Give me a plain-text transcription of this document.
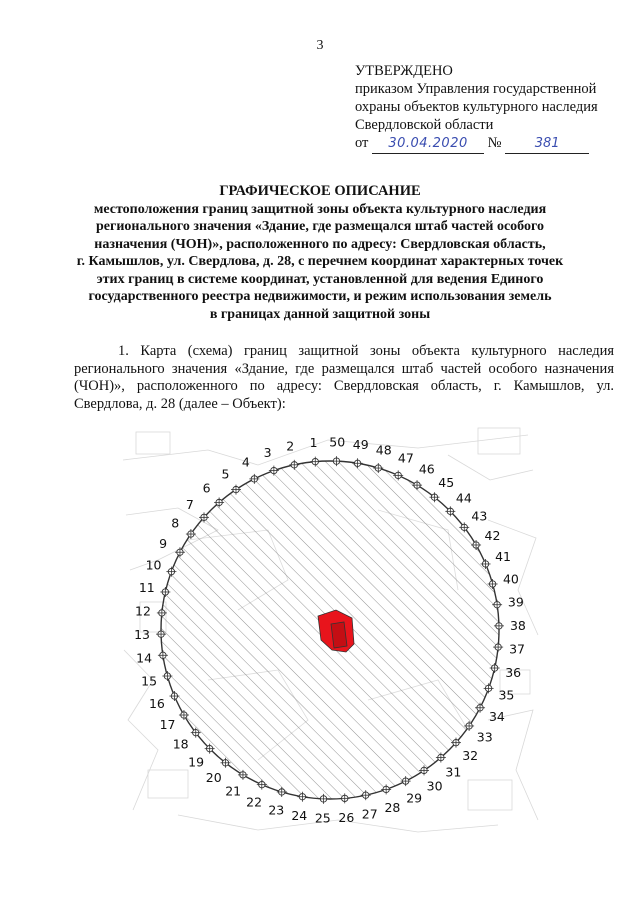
3
УТВЕРЖДЕНО
приказом Управления государственной
охраны объектов культурного наследия
Свердловской области
от 30.04.2020 №	381
ГРАФИЧЕСКОЕ ОПИСАНИЕ
местоположения границ защитной зоны объекта культурного наследия
регионального значения «Здание, где размещался штаб частей особого
назначения (ЧОН)», расположенного по адресу: Свердловская область,
г. Камышлов, ул. Свердлова, д. 28, с перечнем координат характерных точек
этих границ в системе координат, установленной для ведения Единого
государственного реестра недвижимости, и режим использования земель
в границах данной защитной зоны
1. Карта (схема) границ защитной зоны объекта культурного наследия регионального значения «Здание, где размещался штаб частей особого назначения (ЧОН)», расположенного по адресу: Свердловская область, г. Камышлов, ул. Свердлова, д. 28 (далее – Объект):
1
2
3
4
5
6
7
8
9
10
11
12
13
14
15
16
17
18
19
20
21
22
23 24 25 26 27 28
29
30
31
32
33
34
35
36
37
38
39
40
41
42
43
44
45
46
47
48
49
50
